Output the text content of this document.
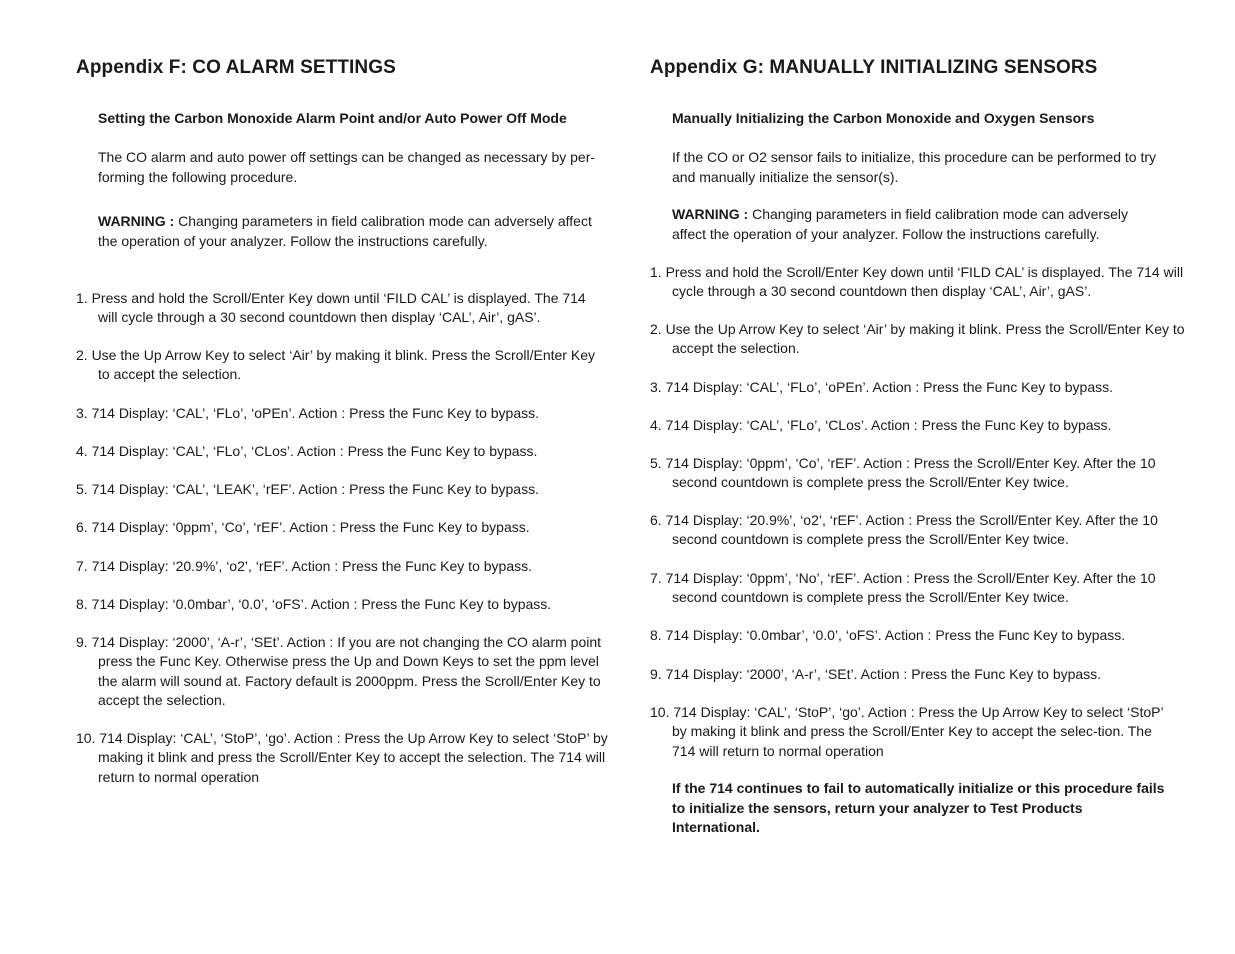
Appendix F: CO ALARM SETTINGS
Setting the Carbon Monoxide Alarm Point and/or Auto Power Off Mode

The CO alarm and auto power off settings can be changed as necessary by per-forming the following procedure.

WARNING : Changing parameters in field calibration mode can adversely affect the operation of your analyzer. Follow the instructions carefully.

1. Press and hold the Scroll/Enter Key down until ‘FILD CAL’ is displayed. The 714 will cycle through a 30 second countdown then display ‘CAL’, Air’, gAS’.

2. Use the Up Arrow Key to select ‘Air’ by making it blink. Press the Scroll/Enter Key to accept the selection.

3. 714 Display: ‘CAL’, ‘FLo’, ‘oPEn’. Action : Press the Func Key to bypass.

4. 714 Display: ‘CAL’, ‘FLo’, ‘CLos’. Action : Press the Func Key to bypass.

5. 714 Display: ‘CAL’, ‘LEAK’, ‘rEF’. Action : Press the Func Key to bypass.

6. 714 Display: ‘0ppm’, ‘Co’, ‘rEF’. Action : Press the Func Key to bypass.

7. 714 Display: ‘20.9%’, ‘o2’, ‘rEF’. Action : Press the Func Key to bypass.

8. 714 Display: ‘0.0mbar’, ‘0.0’, ‘oFS’. Action : Press the Func Key to bypass.

9. 714 Display: ‘2000’, ‘A-r’, ‘SEt’. Action : If you are not changing the CO alarm point press the Func Key. Otherwise press the Up and Down Keys to set the ppm level the alarm will sound at. Factory default is 2000ppm. Press the Scroll/Enter Key to accept the selection.

10. 714 Display: ‘CAL’, ‘StoP’, ‘go’. Action : Press the Up Arrow Key to select ‘StoP’ by making it blink and press the Scroll/Enter Key to accept the selection. The 714 will return to normal operation

Appendix G: MANUALLY INITIALIZING SENSORS
Manually Initializing the Carbon Monoxide and Oxygen Sensors

If the CO or O2 sensor fails to initialize, this procedure can be performed to try and manually initialize the sensor(s).

WARNING : Changing parameters in field calibration mode can adversely affect the operation of your analyzer. Follow the instructions carefully.

1. Press and hold the Scroll/Enter Key down until ‘FILD CAL’ is displayed. The 714 will cycle through a 30 second countdown then display ‘CAL’, Air’, gAS’.

2. Use the Up Arrow Key to select ‘Air’ by making it blink. Press the Scroll/Enter Key to accept the selection.

3. 714 Display: ‘CAL’, ‘FLo’, ‘oPEn’. Action : Press the Func Key to bypass.

4. 714 Display: ‘CAL’, ‘FLo’, ‘CLos’. Action : Press the Func Key to bypass.

5. 714 Display: ‘0ppm’, ‘Co’, ‘rEF’. Action : Press the Scroll/Enter Key. After the 10 second countdown is complete press the Scroll/Enter Key twice.

6. 714 Display: ‘20.9%’, ‘o2’, ‘rEF’. Action : Press the Scroll/Enter Key. After the 10 second countdown is complete press the Scroll/Enter Key twice.

7. 714 Display: ‘0ppm’, ‘No’, ‘rEF’. Action : Press the Scroll/Enter Key. After the 10 second countdown is complete press the Scroll/Enter Key twice.

8. 714 Display: ‘0.0mbar’, ‘0.0’, ‘oFS’. Action : Press the Func Key to bypass.

9. 714 Display: ‘2000’, ‘A-r’, ‘SEt’. Action : Press the Func Key to bypass.

10. 714 Display: ‘CAL’, ‘StoP’, ‘go’. Action : Press the Up Arrow Key to select ‘StoP’ by making it blink and press the Scroll/Enter Key to accept the selec-tion. The 714 will return to normal operation

If the 714 continues to fail to automatically initialize or this procedure fails to initialize the sensors, return your analyzer to Test Products International.
